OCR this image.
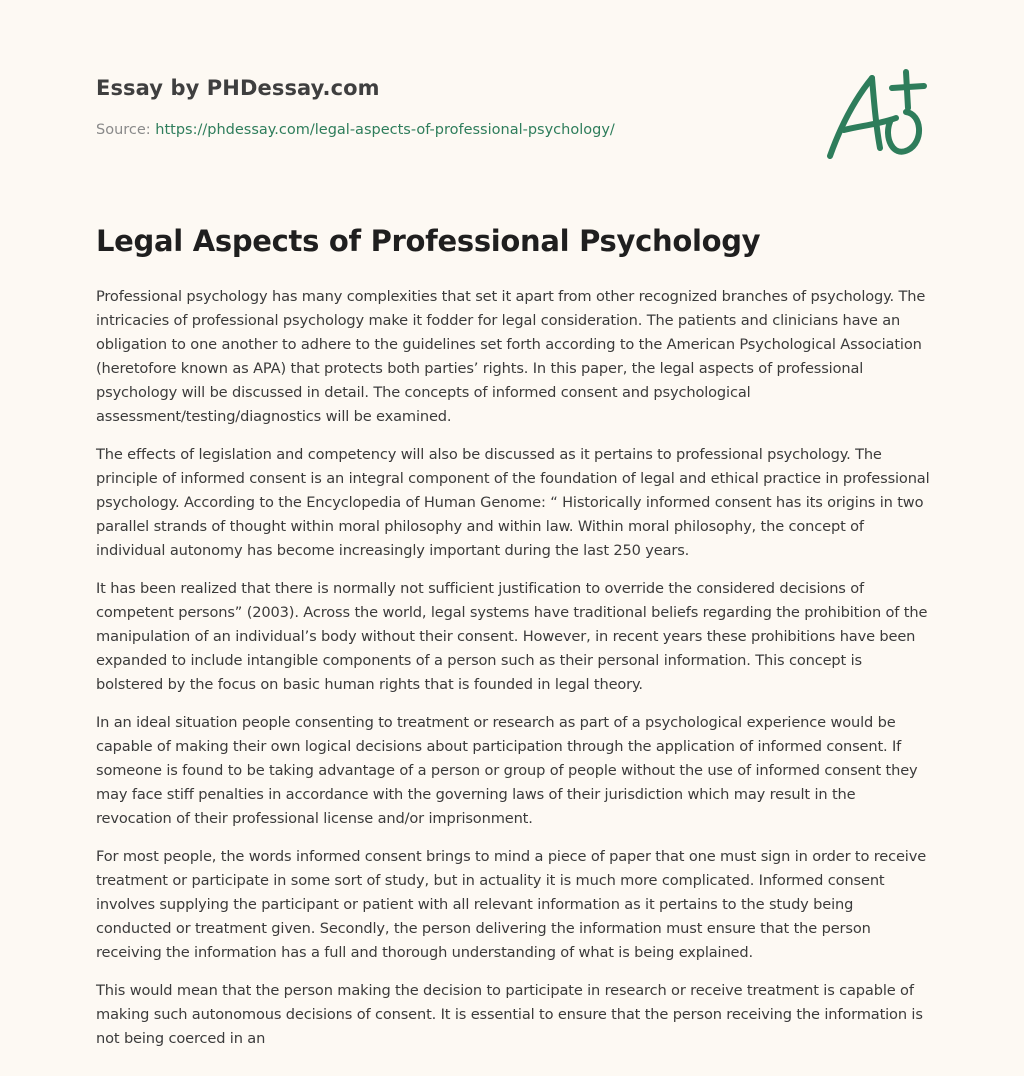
Essay by PHDessay.com
Source: https://phdessay.com/legal-aspects-of-professional-psychology/
Legal Aspects of Professional Psychology

Professional psychology has many complexities that set it apart from other recognized branches of psychology. The intricacies of professional psychology make it fodder for legal consideration. The patients and clinicians have an obligation to one another to adhere to the guidelines set forth according to the American Psychological Association (heretofore known as APA) that protects both parties’ rights. In this paper, the legal aspects of professional psychology will be discussed in detail. The concepts of informed consent and psychological assessment/testing/diagnostics will be examined.

The effects of legislation and competency will also be discussed as it pertains to professional psychology. The principle of informed consent is an integral component of the foundation of legal and ethical practice in professional psychology. According to the Encyclopedia of Human Genome: “ Historically informed consent has its origins in two parallel strands of thought within moral philosophy and within law. Within moral philosophy, the concept of individual autonomy has become increasingly important during the last 250 years.

It has been realized that there is normally not sufficient justification to override the considered decisions of competent persons” (2003). Across the world, legal systems have traditional beliefs regarding the prohibition of the manipulation of an individual’s body without their consent. However, in recent years these prohibitions have been expanded to include intangible components of a person such as their personal information. This concept is bolstered by the focus on basic human rights that is founded in legal theory.

In an ideal situation people consenting to treatment or research as part of a psychological experience would be capable of making their own logical decisions about participation through the application of informed consent. If someone is found to be taking advantage of a person or group of people without the use of informed consent they may face stiff penalties in accordance with the governing laws of their jurisdiction which may result in the revocation of their professional license and/or imprisonment.

For most people, the words informed consent brings to mind a piece of paper that one must sign in order to receive treatment or participate in some sort of study, but in actuality it is much more complicated. Informed consent involves supplying the participant or patient with all relevant information as it pertains to the study being conducted or treatment given. Secondly, the person delivering the information must ensure that the person receiving the information has a full and thorough understanding of what is being explained.

This would mean that the person making the decision to participate in research or receive treatment is capable of making such autonomous decisions of consent. It is essential to ensure that the person receiving the information is not being coerced in an
